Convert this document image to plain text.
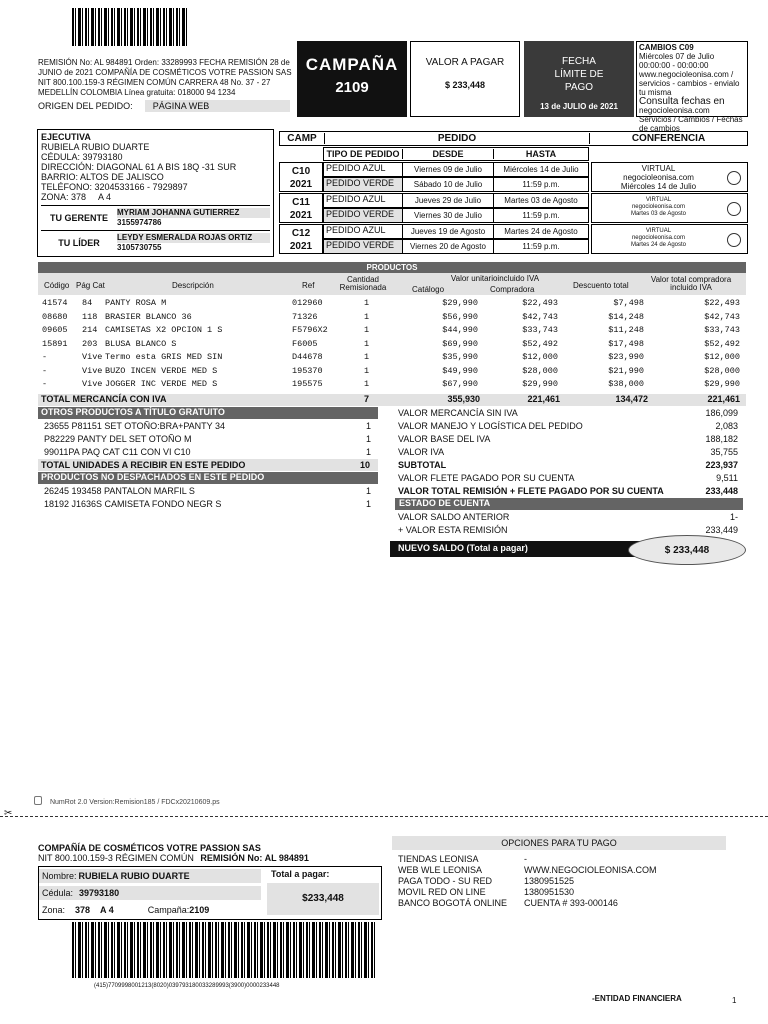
REMISIÓN No: AL 984891 Orden: 33289993 FECHA REMISIÓN 28 de JUNIO de 2021 COMPAÑÍA DE COSMÉTICOS VOTRE PASSION SAS NIT 800.100.159-3 RÉGIMEN COMÚN CARRERA 48 No. 37 - 27 MEDELLÍN COLOMBIA Línea gratuita: 018000 94 1234
ORIGEN DEL PEDIDO:	PÁGINA WEB
CAMPAÑA
2109
VALOR A PAGAR
$ 233,448
FECHA LÍMITE DE PAGO
13 de JULIO de 2021
CAMBIOS C09
Miércoles 07 de Julio
00:00:00 - 00:00:00
www.negocioleonisa.com / servicios - cambios - envialo tu misma
Consulta fechas en
negocioleonisa.com
Servicios / Cambios / Fechas de cambios
EJECUTIVA
RUBIELA RUBIO DUARTE
CÉDULA: 39793180
DIRECCIÓN: DIAGONAL 61 A BIS 18Q -31 SUR
BARRIO: ALTOS DE JALISCO
TELÉFONO: 3204533166 - 7929897
ZONA: 378     A 4
TU GERENTE
MYRIAM JOHANNA GUTIERREZ
3155974786
TU LÍDER
LEYDY ESMERALDA ROJAS ORTIZ
3105730755
CAMP	PEDIDO	CONFERENCIA
TIPO DE PEDIDO	DESDE	HASTA
C10
2021
PEDIDO AZUL	Viernes 09 de Julio	Miércoles 14 de Julio
PEDIDO VERDE	Sábado 10 de Julio	11:59 p.m.
VIRTUAL
negocioleonisa.com
Miércoles 14 de Julio
C11
2021
PEDIDO AZUL	Jueves 29 de Julio	Martes 03 de Agosto
PEDIDO VERDE	Viernes 30 de Julio	11:59 p.m.
VIRTUAL
negocioleonisa.com
Martes 03 de Agosto
C12
2021
PEDIDO AZUL	Jueves 19 de Agosto	Martes 24 de Agosto
PEDIDO VERDE	Viernes 20 de Agosto	11:59 p.m.
VIRTUAL
negocioleonisa.com
Martes 24 de Agosto
PRODUCTOS
Código Pág Cat	Descripción	Ref
Cantidad Remisionada
Valor unitarioincluido IVA
Catálogo	Compradora	Descuento total
Valor total compradora incluido IVA
41574 84 PANTY ROSA M	012960	1	$29,990	$22,493	$7,498	$22,493
08680 118 BRASIER BLANCO 36	71326	1	$56,990	$42,743	$14,248	$42,743
09605 214 CAMISETAS X2 OPCION 1 S	F5796X2	1	$44,990	$33,743	$11,248	$33,743
15891 203 BLUSA BLANCO S	F6005	1	$69,990	$52,492	$17,498	$52,492
-	Vive Termo esta GRIS MED SIN	D44678	1	$35,990	$12,000	$23,990	$12,000
-	Vive BUZO INCEN VERDE MED S	195370	1	$49,990	$28,000	$21,990	$28,000
-	Vive JOGGER INC VERDE MED S	195575	1	$67,990	$29,990	$38,000	$29,990
TOTAL MERCANCÍA CON IVA	7	355,930	221,461	134,472	221,461
OTROS PRODUCTOS A TÍTULO GRATUITO
23655 P81151 SET OTOÑO:BRA+PANTY 34	1
P82229 PANTY DEL SET OTOÑO M	1
99011PA PAQ CAT C11 CON VI C10	1
TOTAL UNIDADES A RECIBIR EN ESTE PEDIDO	10
PRODUCTOS NO DESPACHADOS EN ESTE PEDIDO
26245 193458 PANTALON MARFIL S	1
18192 J1636S CAMISETA FONDO NEGR S	1
VALOR MERCANCÍA SIN IVA	186,099
VALOR MANEJO Y LOGÍSTICA DEL PEDIDO	2,083
VALOR BASE DEL IVA	188,182
VALOR IVA	35,755
SUBTOTAL	223,937
VALOR FLETE PAGADO POR SU CUENTA	9,511
VALOR TOTAL REMISIÓN + FLETE PAGADO POR SU CUENTA	233,448
ESTADO DE CUENTA
VALOR SALDO ANTERIOR	1-
+ VALOR ESTA REMISIÓN	233,449
NUEVO SALDO (Total a pagar)	$ 233,448
NumRot 2.0 Version:Remision185 / FDCx20210609.ps
✂
COMPAÑÍA DE COSMÉTICOS VOTRE PASSION SAS
NIT 800.100.159-3 RÉGIMEN COMÚN REMISIÓN No: AL 984891
Nombre: RUBIELA RUBIO DUARTE
Cédula: 39793180
Zona: 378 A 4	Campaña: 2109
Total a pagar:
$233,448
(415)7709998001213(8020)039793180033289993(3900)0000233448
OPCIONES PARA TU PAGO
TIENDAS LEONISA	-
WEB WLE LEONISA	WWW.NEGOCIOLEONISA.COM
PAGA TODO - SU RED	1380951525
MOVIL RED ON LINE	1380951530
BANCO BOGOTÁ ONLINE	CUENTA # 393-000146
-ENTIDAD FINANCIERA	1
